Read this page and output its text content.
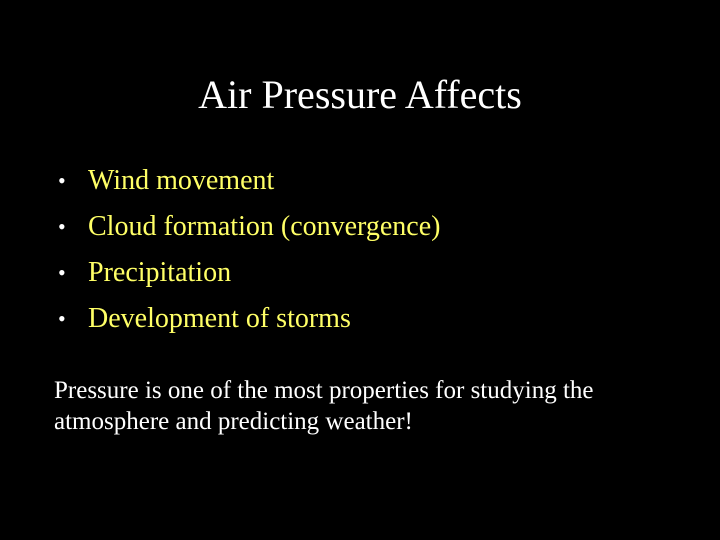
Air Pressure Affects
• Wind movement
• Cloud formation (convergence)
• Precipitation
• Development of storms
Pressure is one of the most properties for studying the atmosphere and predicting weather!
